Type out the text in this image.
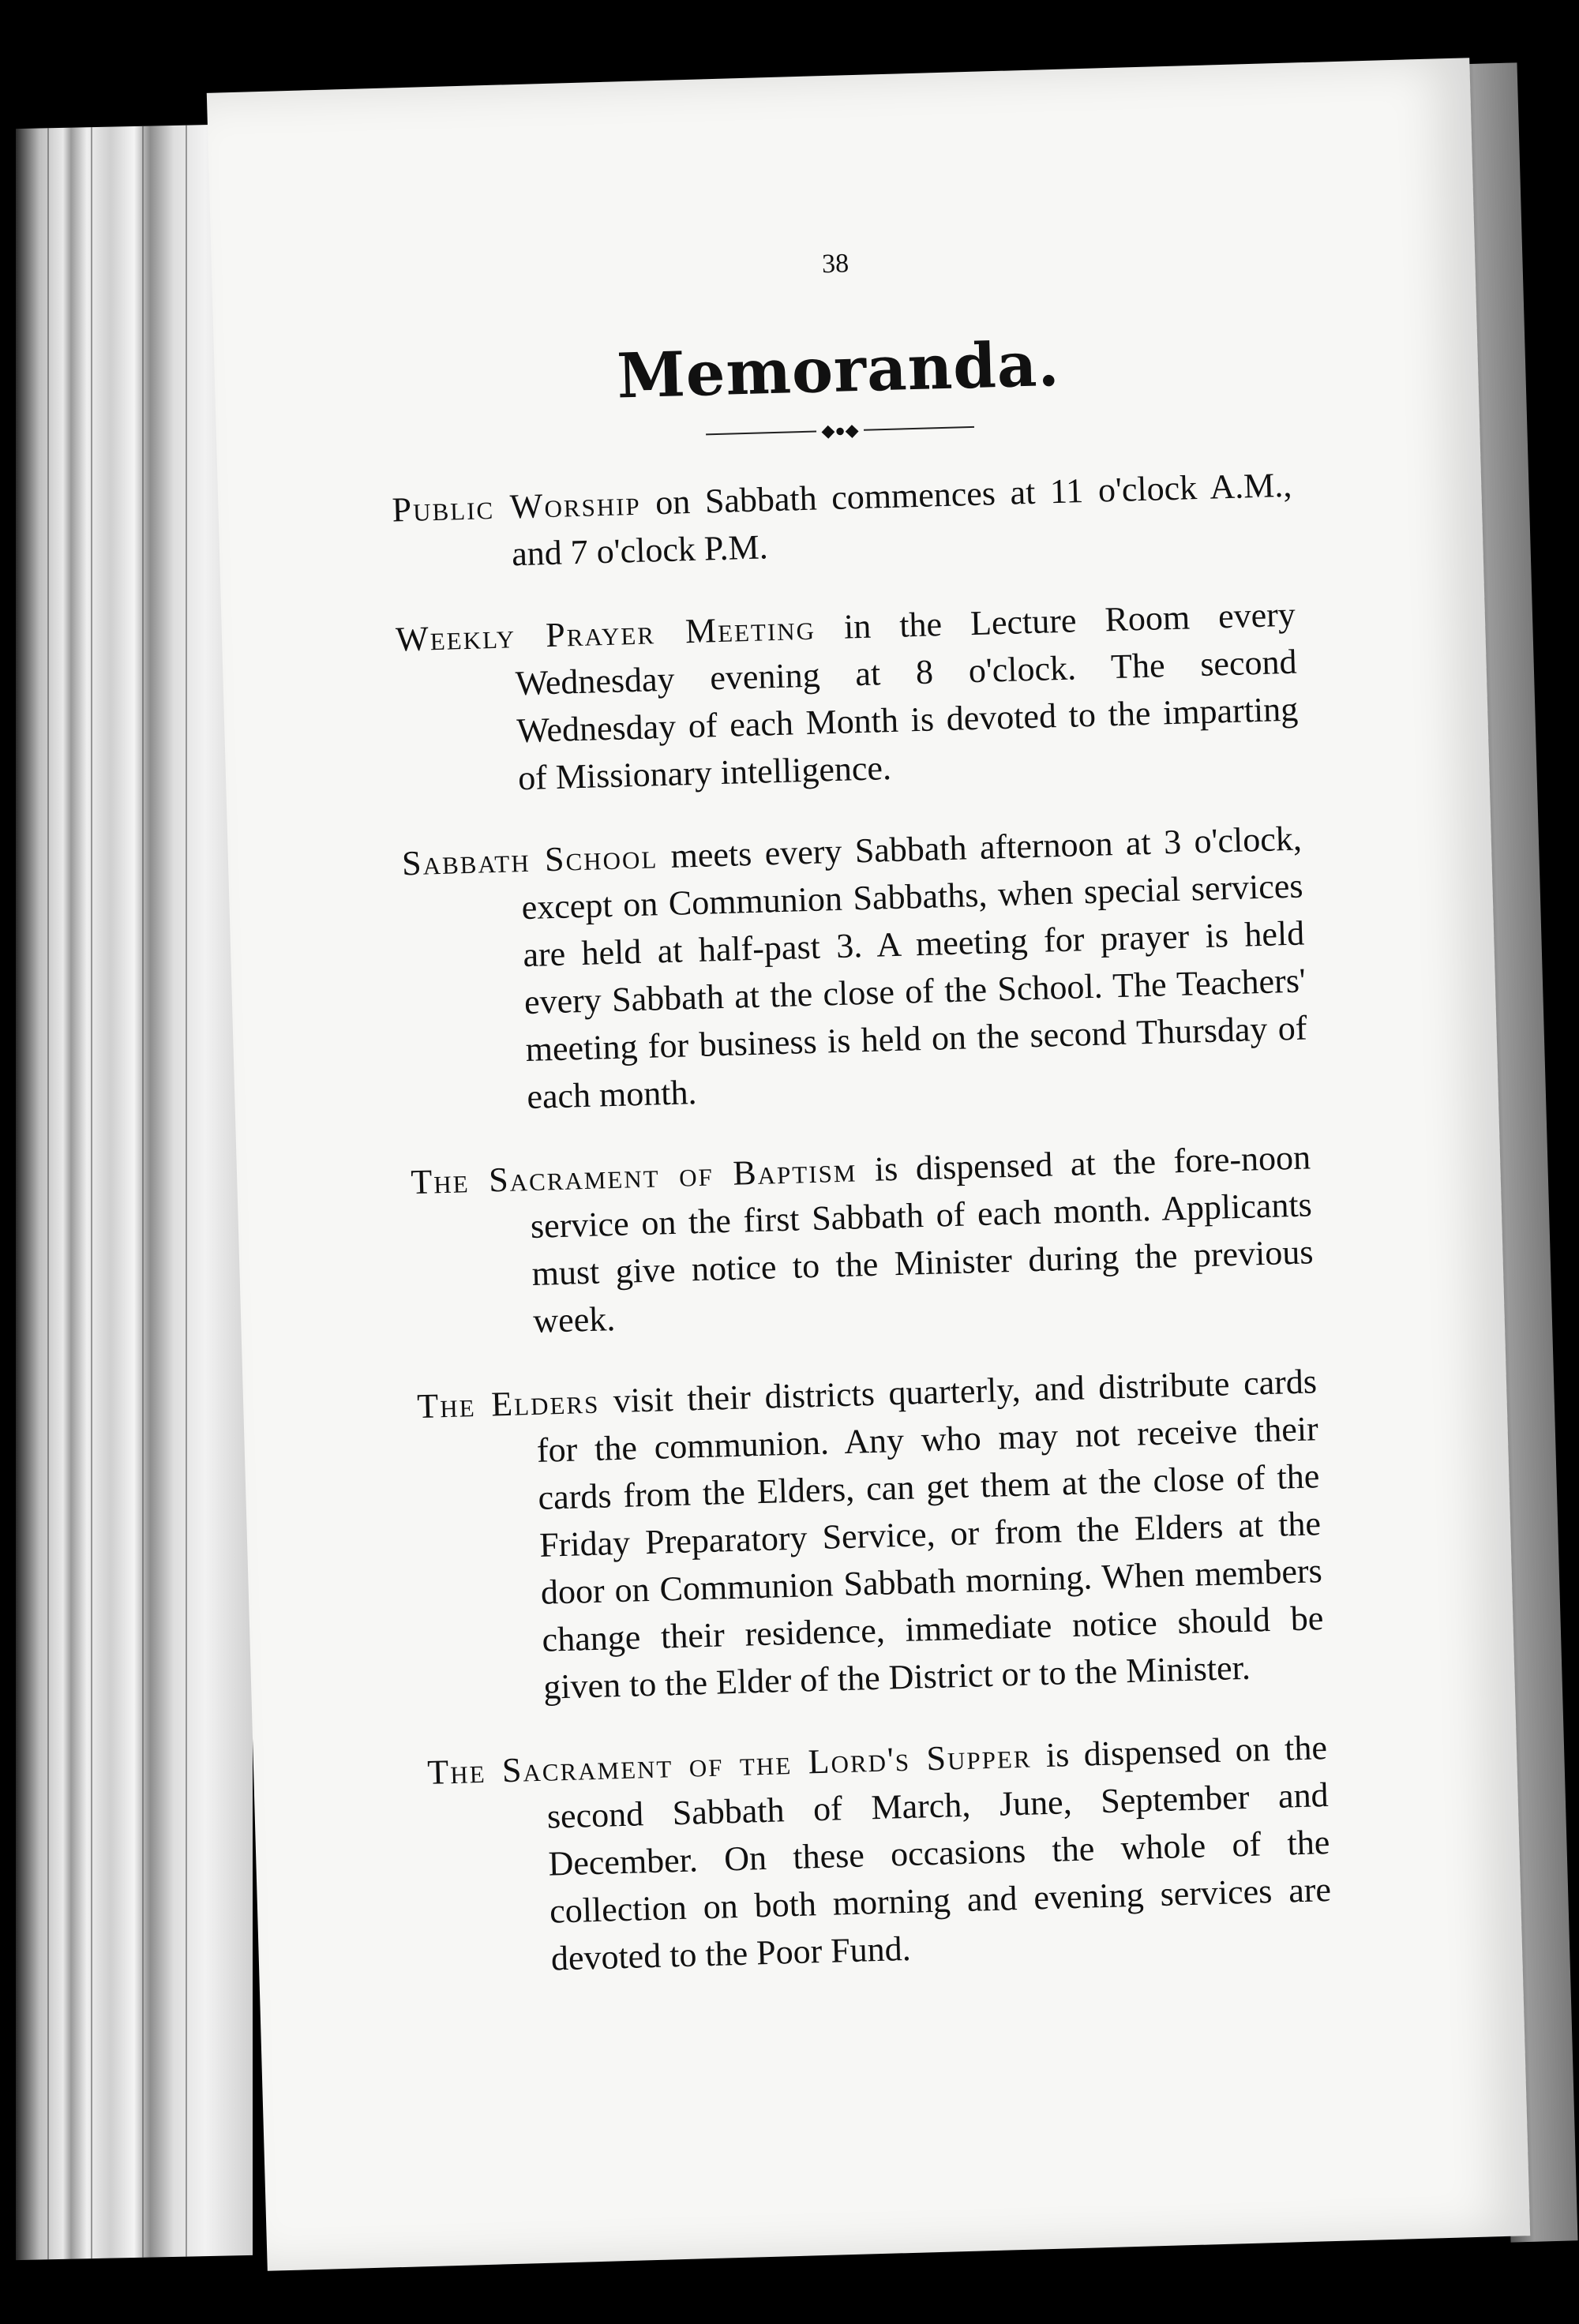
38
Memoranda.
◆●◆

Public Worship on Sabbath commences at 11 o'clock A.M., and 7 o'clock P.M.

Weekly Prayer Meeting in the Lecture Room every Wednesday evening at 8 o'clock. The second Wednesday of each Month is devoted to the imparting of Missionary intelligence.

Sabbath School meets every Sabbath afternoon at 3 o'clock, except on Communion Sabbaths, when special services are held at half-past 3. A meeting for prayer is held every Sabbath at the close of the School. The Teachers' meeting for business is held on the second Thursday of each month.

The Sacrament of Baptism is dispensed at the fore-noon service on the first Sabbath of each month. Applicants must give notice to the Minister during the previous week.

The Elders visit their districts quarterly, and distribute cards for the communion. Any who may not receive their cards from the Elders, can get them at the close of the Friday Preparatory Service, or from the Elders at the door on Communion Sabbath morning. When members change their residence, immediate notice should be given to the Elder of the District or to the Minister.

The Sacrament of the Lord's Supper is dispensed on the second Sabbath of March, June, September and December. On these occasions the whole of the collection on both morning and evening services are devoted to the Poor Fund.
